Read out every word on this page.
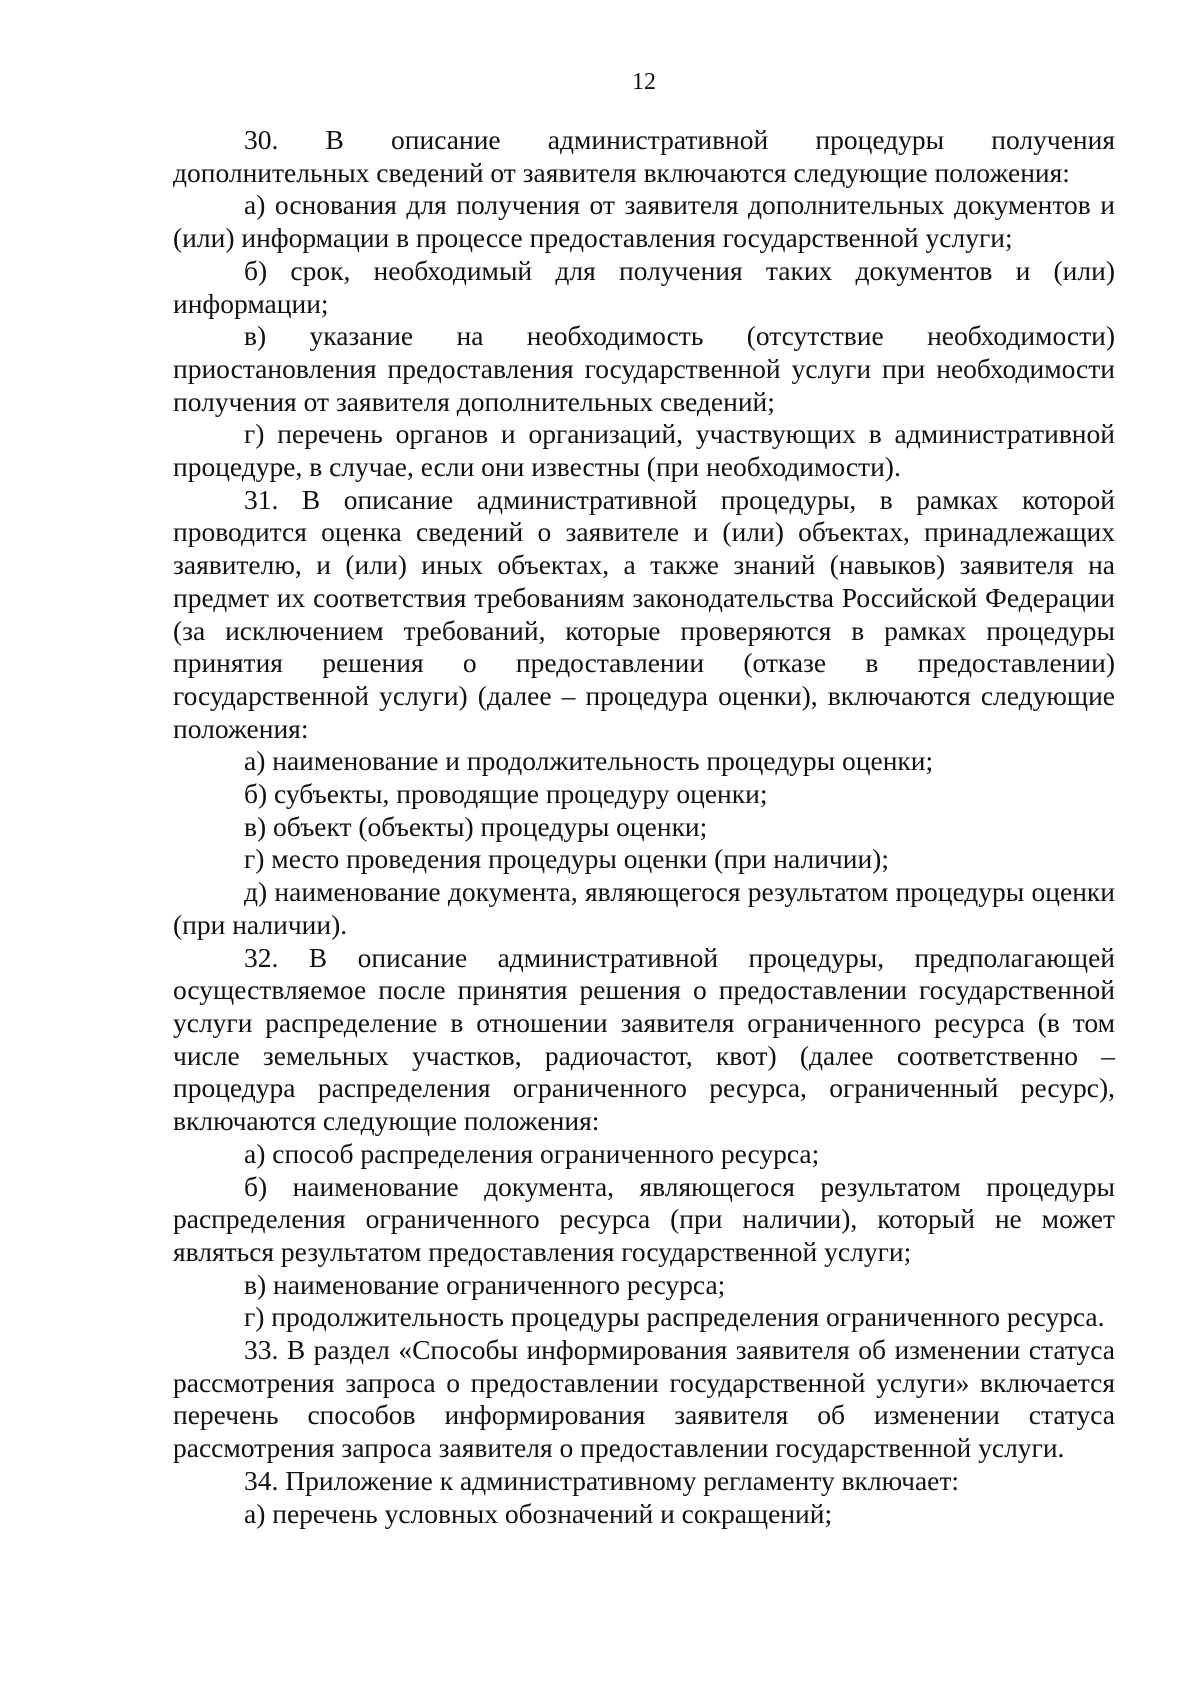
12

30. В описание административной процедуры получения дополнительных сведений от заявителя включаются следующие положения:

а) основания для получения от заявителя дополнительных документов и (или) информации в процессе предоставления государственной услуги;

б) срок, необходимый для получения таких документов и (или) информации;

в) указание на необходимость (отсутствие необходимости) приостановления предоставления государственной услуги при необходимости получения от заявителя дополнительных сведений;

г) перечень органов и организаций, участвующих в административной процедуре, в случае, если они известны (при необходимости).

31. В описание административной процедуры, в рамках которой проводится оценка сведений о заявителе и (или) объектах, принадлежащих заявителю, и (или) иных объектах, а также знаний (навыков) заявителя на предмет их соответствия требованиям законодательства Российской Федерации (за исключением требований, которые проверяются в рамках процедуры принятия решения о предоставлении (отказе в предоставлении) государственной услуги) (далее – процедура оценки), включаются следующие положения:

а) наименование и продолжительность процедуры оценки;

б) субъекты, проводящие процедуру оценки;

в) объект (объекты) процедуры оценки;

г) место проведения процедуры оценки (при наличии);

д) наименование документа, являющегося результатом процедуры оценки (при наличии).

32. В описание административной процедуры, предполагающей осуществляемое после принятия решения о предоставлении государственной услуги распределение в отношении заявителя ограниченного ресурса (в том числе земельных участков, радиочастот, квот) (далее соответственно – процедура распределения ограниченного ресурса, ограниченный ресурс), включаются следующие положения:

а) способ распределения ограниченного ресурса;

б) наименование документа, являющегося результатом процедуры распределения ограниченного ресурса (при наличии), который не может являться результатом предоставления государственной услуги;

в) наименование ограниченного ресурса;

г) продолжительность процедуры распределения ограниченного ресурса.

33. В раздел «Способы информирования заявителя об изменении статуса рассмотрения запроса о предоставлении государственной услуги» включается перечень способов информирования заявителя об изменении статуса рассмотрения запроса заявителя о предоставлении государственной услуги.

34. Приложение к административному регламенту включает:

а) перечень условных обозначений и сокращений;
